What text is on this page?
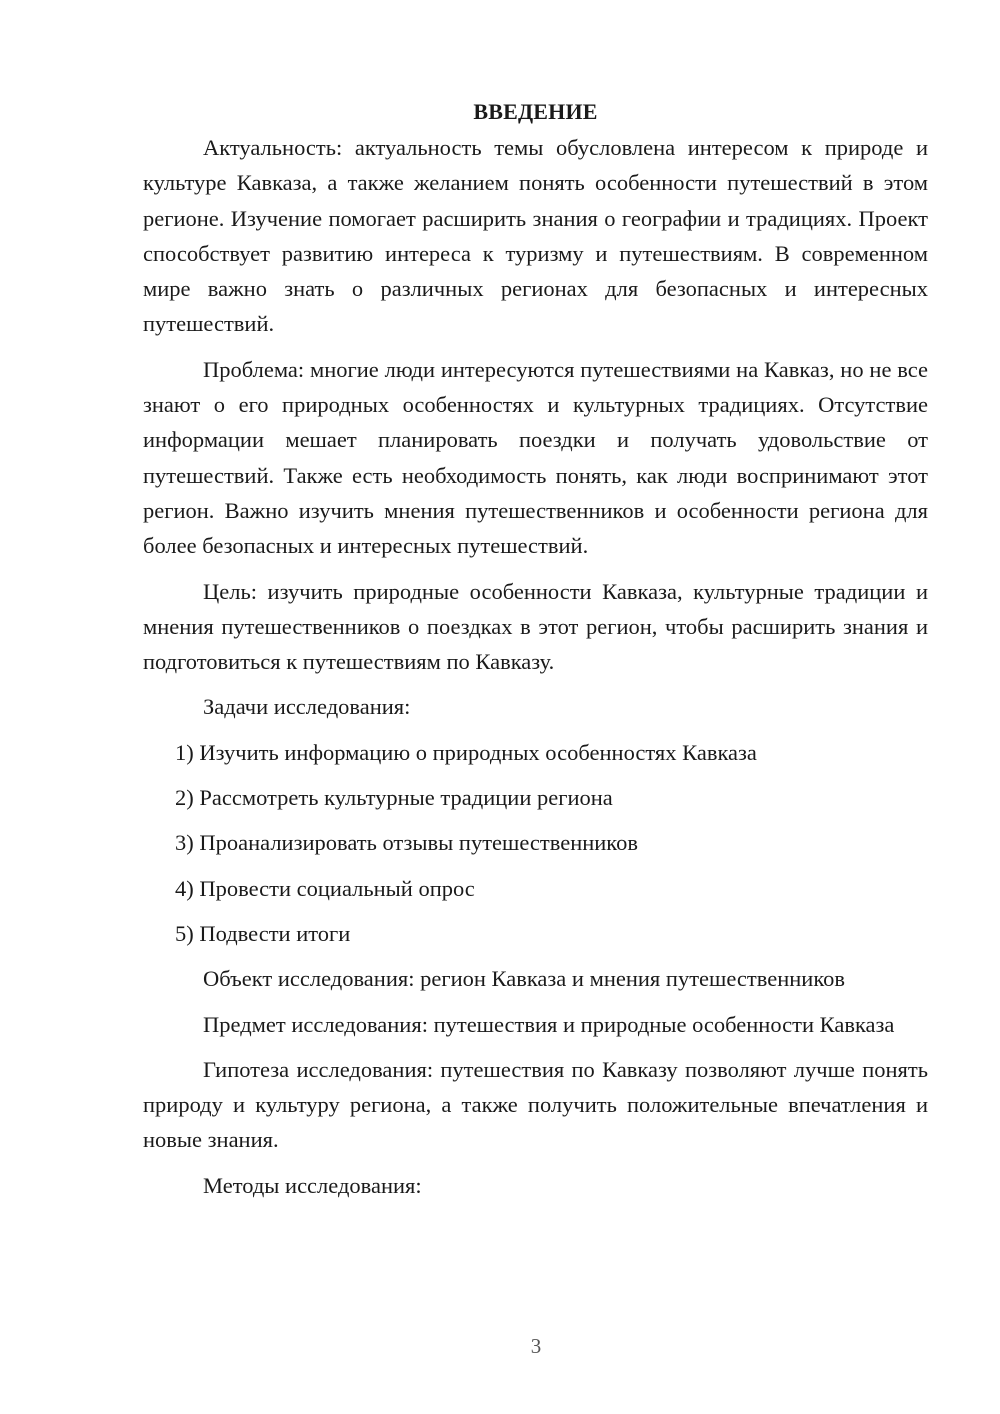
ВВЕДЕНИЕ

Актуальность: актуальность темы обусловлена интересом к природе и культуре Кавказа, а также желанием понять особенности путешествий в этом регионе. Изучение помогает расширить знания о географии и традициях. Проект способствует развитию интереса к туризму и путешествиям. В современном мире важно знать о различных регионах для безопасных и интересных путешествий.

Проблема: многие люди интересуются путешествиями на Кавказ, но не все знают о его природных особенностях и культурных традициях. Отсутствие информации мешает планировать поездки и получать удовольствие от путешествий. Также есть необходимость понять, как люди воспринимают этот регион. Важно изучить мнения путешественников и особенности региона для более безопасных и интересных путешествий.

Цель: изучить природные особенности Кавказа, культурные традиции и мнения путешественников о поездках в этот регион, чтобы расширить знания и подготовиться к путешествиям по Кавказу.

Задачи исследования:

1) Изучить информацию о природных особенностях Кавказа

2) Рассмотреть культурные традиции региона

3) Проанализировать отзывы путешественников

4) Провести социальный опрос

5) Подвести итоги

Объект исследования: регион Кавказа и мнения путешественников

Предмет исследования: путешествия и природные особенности Кавказа

Гипотеза исследования: путешествия по Кавказу позволяют лучше понять природу и культуру региона, а также получить положительные впечатления и новые знания.

Методы исследования:

3
